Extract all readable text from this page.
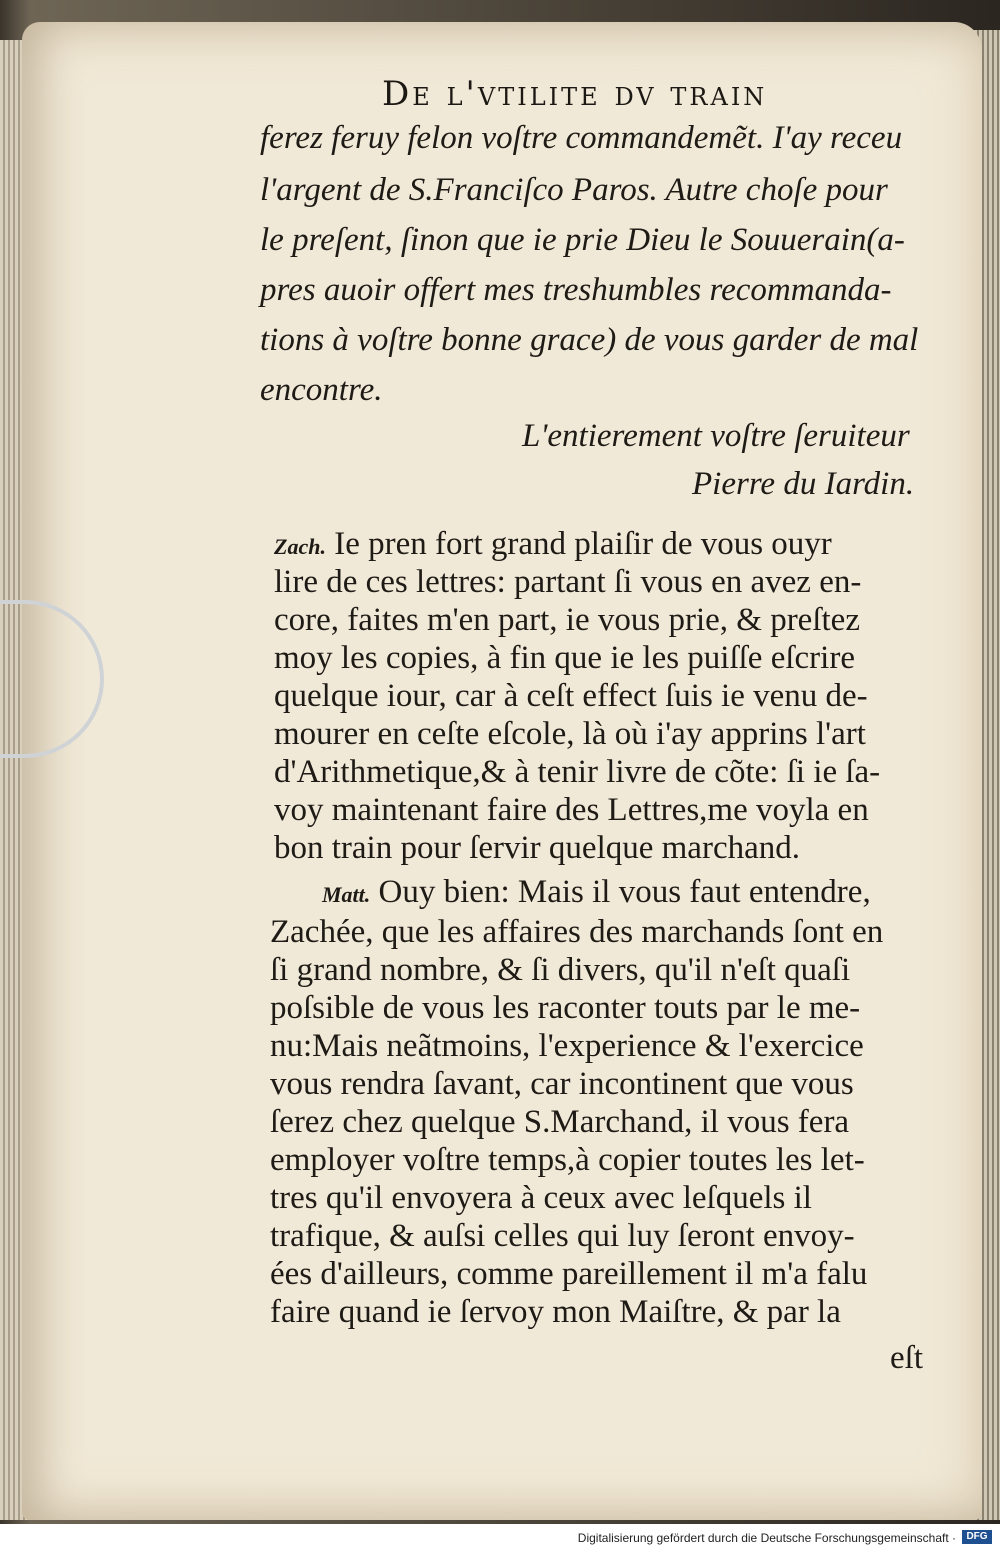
De l'vtilite dv train
ferez feruy felon voſtre commandemẽt. I'ay receu
l'argent de S.Franciſco Paros. Autre choſe pour
le preſent, ſinon que ie prie Dieu le Souuerain(a-
pres auoir offert mes treshumbles recommanda-
tions à voſtre bonne grace) de vous garder de mal
encontre.
L'entierement voſtre ſeruiteur
Pierre du Iardin.
Zach. Ie pren fort grand plaiſir de vous ouyr
lire de ces lettres: partant ſi vous en avez en-
core, faites m'en part, ie vous prie, & preſtez
moy les copies, à fin que ie les puiſſe eſcrire
quelque iour, car à ceſt effect ſuis ie venu de-
mourer en ceſte eſcole, là où i'ay apprins l'art
d'Arithmetique,& à tenir livre de cõte: ſi ie ſa-
voy maintenant faire des Lettres,me voyla en
bon train pour ſervir quelque marchand.
Matt. Ouy bien: Mais il vous faut entendre,
Zachée, que les affaires des marchands ſont en
ſi grand nombre, & ſi divers, qu'il n'eſt quaſi
poſsible de vous les raconter touts par le me-
nu:Mais neãtmoins, l'experience & l'exercice
vous rendra ſavant, car incontinent que vous
ſerez chez quelque S.Marchand, il vous fera
employer voſtre temps,à copier toutes les let-
tres qu'il envoyera à ceux avec leſquels il
trafique, & auſsi celles qui luy ſeront envoy-
ées d'ailleurs, comme pareillement il m'a falu
faire quand ie ſervoy mon Maiſtre, & par la
eſt
Digitalisierung gefördert durch die Deutsche Forschungsgemeinschaft ·	DFG
